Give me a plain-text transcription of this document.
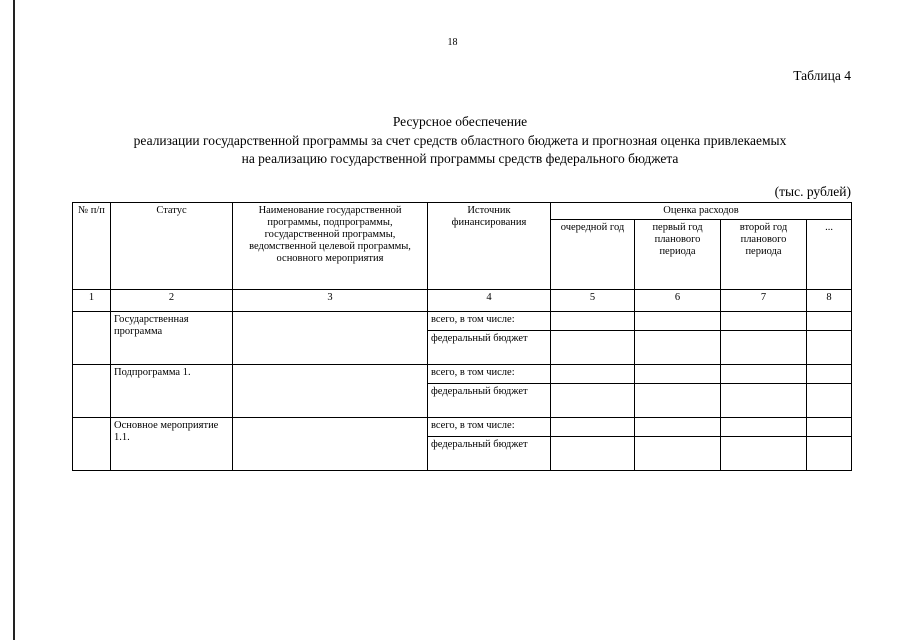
18
Таблица 4
Ресурсное обеспечение
реализации государственной программы за счет средств областного бюджета и прогнозная оценка привлекаемых
на реализацию государственной программы средств федерального бюджета
(тыс. рублей)
№ п/п	Статус	Наименование государственной программы, подпрограммы, государственной программы, ведомственной целевой программы, основного мероприятия	Источник финансирования	Оценка расходов			
				очередной год	первый год планового периода	второй год планового периода	...
1	2	3	4	5	6	7	8
	Государственная программа		всего, в том числе:				
			федеральный бюджет				
	Подпрограмма 1.		всего, в том числе:				
			федеральный бюджет				
	Основное мероприятие 1.1.		всего, в том числе:				
			федеральный бюджет				
